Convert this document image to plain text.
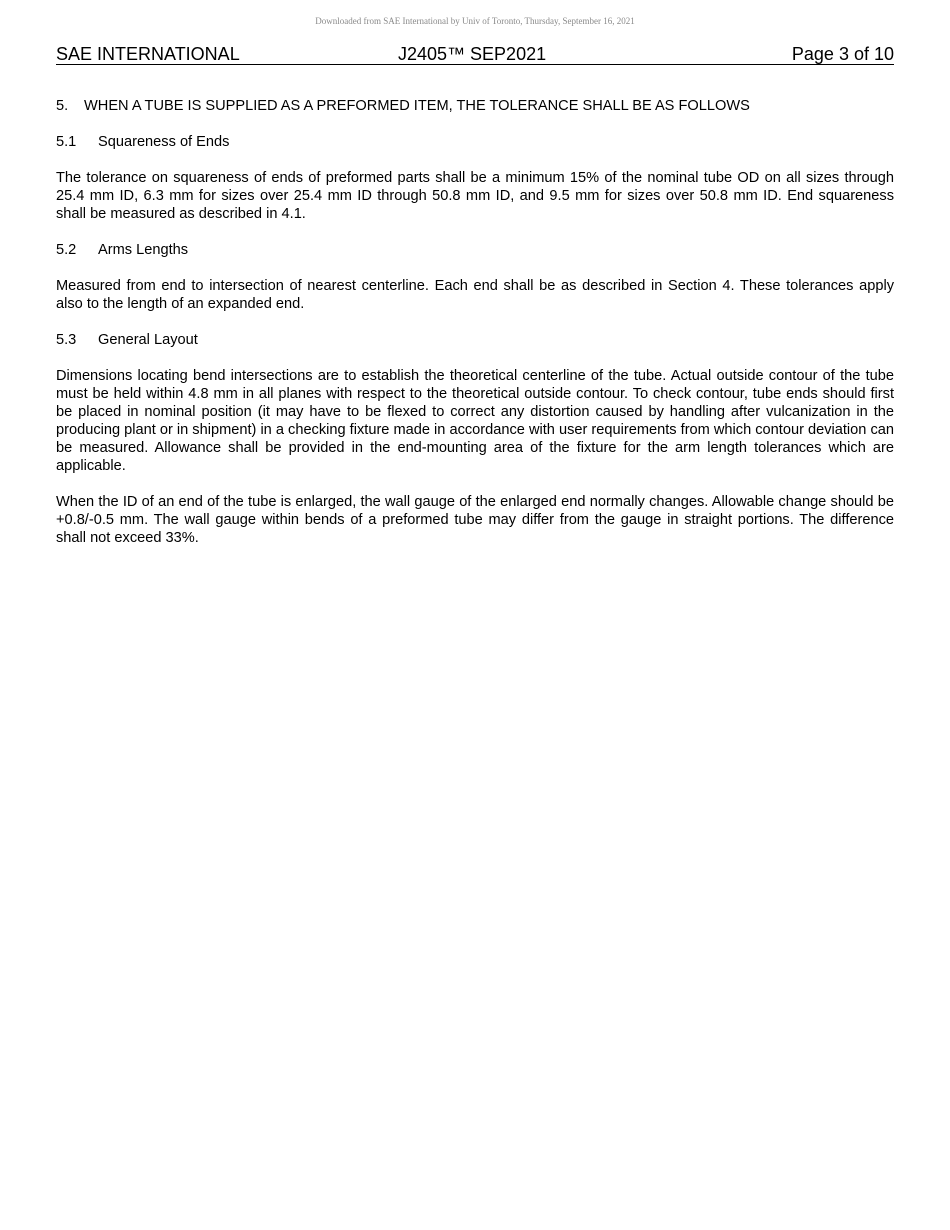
Downloaded from SAE International by Univ of Toronto, Thursday, September 16, 2021
SAE INTERNATIONAL	J2405™ SEP2021	Page 3 of 10
5. WHEN A TUBE IS SUPPLIED AS A PREFORMED ITEM, THE TOLERANCE SHALL BE AS FOLLOWS
5.1 Squareness of Ends

The tolerance on squareness of ends of preformed parts shall be a minimum 15% of the nominal tube OD on all sizes through 25.4 mm ID, 6.3 mm for sizes over 25.4 mm ID through 50.8 mm ID, and 9.5 mm for sizes over 50.8 mm ID. End squareness shall be measured as described in 4.1.

5.2 Arms Lengths

Measured from end to intersection of nearest centerline. Each end shall be as described in Section 4. These tolerances apply also to the length of an expanded end.

5.3 General Layout

Dimensions locating bend intersections are to establish the theoretical centerline of the tube. Actual outside contour of the tube must be held within 4.8 mm in all planes with respect to the theoretical outside contour. To check contour, tube ends should first be placed in nominal position (it may have to be flexed to correct any distortion caused by handling after vulcanization in the producing plant or in shipment) in a checking fixture made in accordance with user requirements from which contour deviation can be measured. Allowance shall be provided in the end-mounting area of the fixture for the arm length tolerances which are applicable.

When the ID of an end of the tube is enlarged, the wall gauge of the enlarged end normally changes. Allowable change should be +0.8/-0.5 mm. The wall gauge within bends of a preformed tube may differ from the gauge in straight portions. The difference shall not exceed 33%.
